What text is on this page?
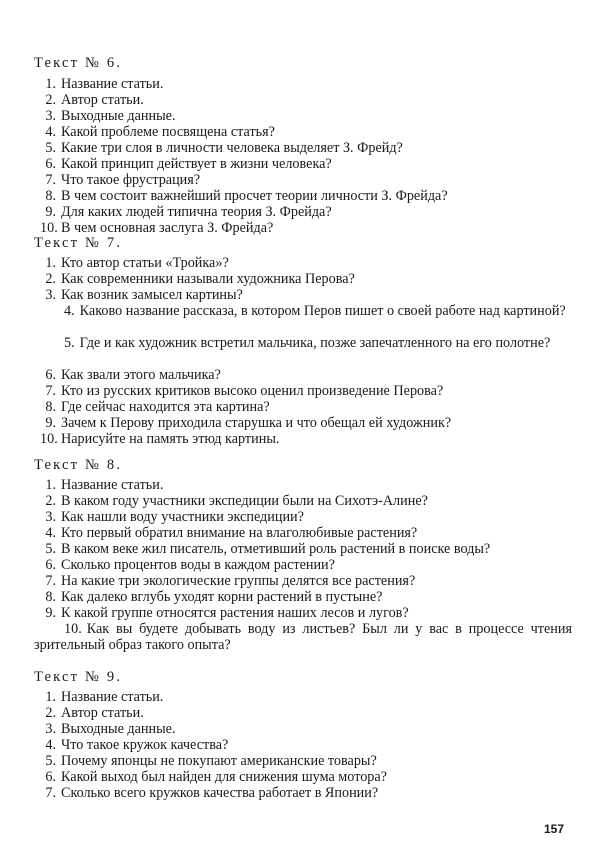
Текст № 6.
1. Название статьи.
2. Автор статьи.
3. Выходные данные.
4. Какой проблеме посвящена статья?
5. Какие три слоя в личности человека выделяет З. Фрейд?
6. Какой принцип действует в жизни человека?
7. Что такое фрустрация?
8. В чем состоит важнейший просчет теории личности З. Фрейда?
9. Для каких людей типична теория З. Фрейда?
10. В чем основная заслуга З. Фрейда?
Текст № 7.
1. Кто автор статьи «Тройка»?
2. Как современники называли художника Перова?
3. Как возник замысел картины?
4. Каково название рассказа, в котором Перов пишет о своей работе над картиной?
5. Где и как художник встретил мальчика, позже запечатленного на его полотне?
6. Как звали этого мальчика?
7. Кто из русских критиков высоко оценил произведение Перова?
8. Где сейчас находится эта картина?
9. Зачем к Перову приходила старушка и что обещал ей художник?
10. Нарисуйте на память этюд картины.
Текст № 8.
1. Название статьи.
2. В каком году участники экспедиции были на Сихотэ-Алине?
3. Как нашли воду участники экспедиции?
4. Кто первый обратил внимание на влаголюбивые растения?
5. В каком веке жил писатель, отметивший роль растений в поиске воды?
6. Сколько процентов воды в каждом растении?
7. На какие три экологические группы делятся все растения?
8. Как далеко вглубь уходят корни растений в пустыне?
9. К какой группе относятся растения наших лесов и лугов?
10. Как вы будете добывать воду из листьев? Был ли у вас в процессе чтения зрительный образ такого опыта?
Текст № 9.
1. Название статьи.
2. Автор статьи.
3. Выходные данные.
4. Что такое кружок качества?
5. Почему японцы не покупают американские товары?
6. Какой выход был найден для снижения шума мотора?
7. Сколько всего кружков качества работает в Японии?
157
